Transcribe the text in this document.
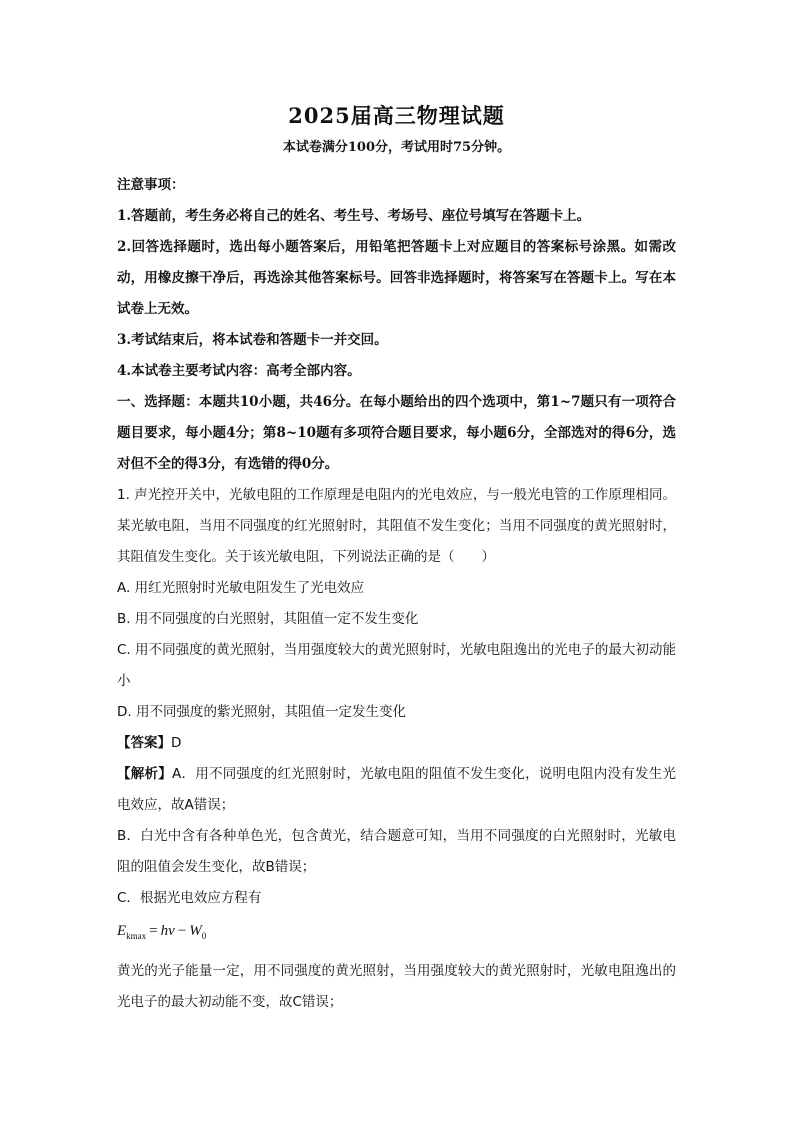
2025届高三物理试题
本试卷满分100分，考试用时75分钟。

注意事项：

1.答题前，考生务必将自己的姓名、考生号、考场号、座位号填写在答题卡上。

2.回答选择题时，选出每小题答案后，用铅笔把答题卡上对应题目的答案标号涂黑。如需改动，用橡皮擦干净后，再选涂其他答案标号。回答非选择题时，将答案写在答题卡上。写在本试卷上无效。

3.考试结束后，将本试卷和答题卡一并交回。

4.本试卷主要考试内容：高考全部内容。

一、选择题：本题共10小题，共46分。在每小题给出的四个选项中，第1~7题只有一项符合题目要求，每小题4分；第8~10题有多项符合题目要求，每小题6分，全部选对的得6分，选对但不全的得3分，有选错的得0分。

1. 声光控开关中，光敏电阻的工作原理是电阻内的光电效应，与一般光电管的工作原理相同。某光敏电阻，当用不同强度的红光照射时，其阻值不发生变化；当用不同强度的黄光照射时，其阻值发生变化。关于该光敏电阻，下列说法正确的是（　　）

A. 用红光照射时光敏电阻发生了光电效应

B. 用不同强度的白光照射，其阻值一定不发生变化

C. 用不同强度的黄光照射，当用强度较大的黄光照射时，光敏电阻逸出的光电子的最大初动能小

D. 用不同强度的紫光照射，其阻值一定发生变化

【答案】D

【解析】A．用不同强度的红光照射时，光敏电阻的阻值不发生变化，说明电阻内没有发生光电效应，故A错误；

B．白光中含有各种单色光，包含黄光，结合题意可知，当用不同强度的白光照射时，光敏电阻的阻值会发生变化，故B错误；

C．根据光电效应方程有

$E_{kmax} = h\nu - W_0$

黄光的光子能量一定，用不同强度的黄光照射，当用强度较大的黄光照射时，光敏电阻逸出的光电子的最大初动能不变，故C错误；
